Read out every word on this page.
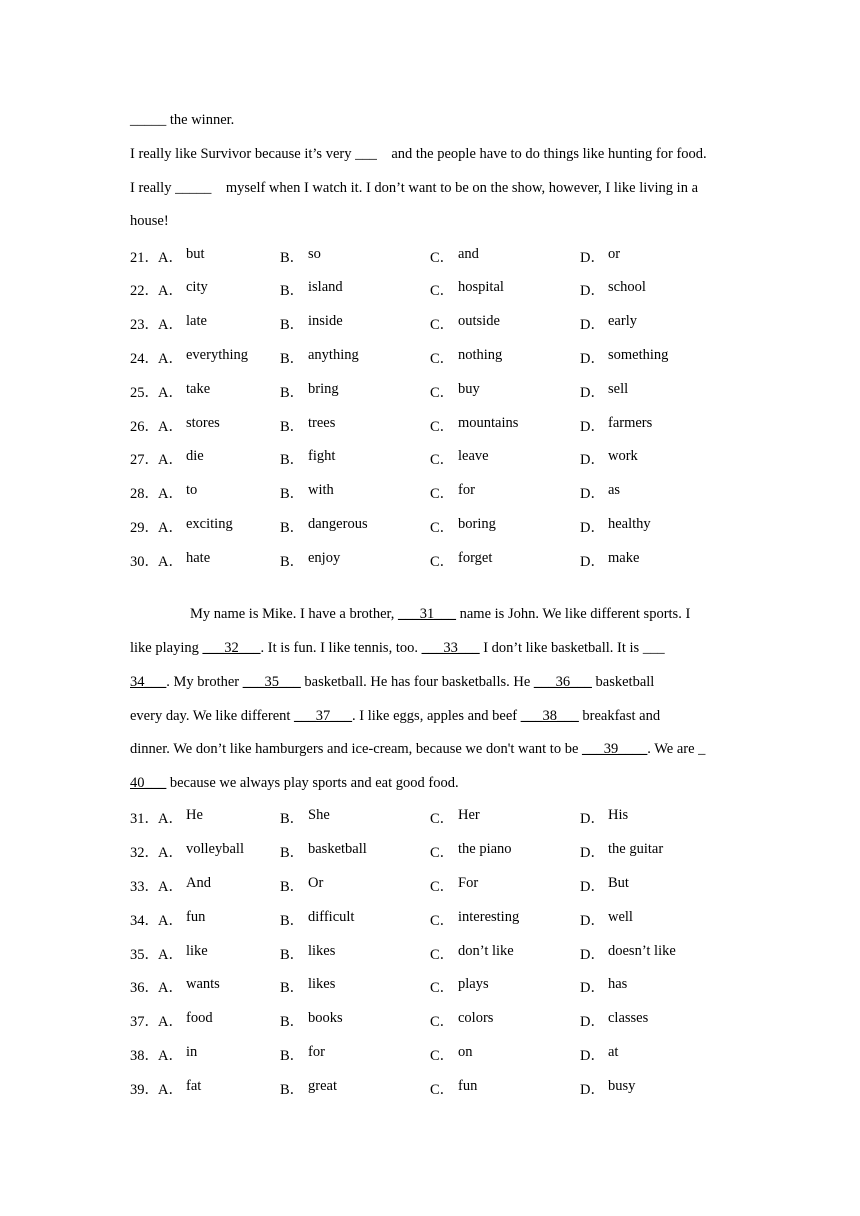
_____ the winner.

I really like Survivor because it’s very ___    and the people have to do things like hunting for food.

I really _____    myself when I watch it. I don’t want to be on the show, however, I like living in a

house!

21． A． but	B． so	C． and	D． or
22． A． city	B． island	C． hospital	D． school
23． A． late	B． inside	C． outside	D． early
24． A． everything B． anything	C． nothing	D． something
25． A． take	B． bring	C． buy	D． sell
26． A． stores	B． trees	C． mountains	D． farmers
27． A． die	B． fight	C． leave	D． work
28． A． to	B． with	C． for	D． as
29． A． exciting	B． dangerous	C． boring	D． healthy
30． A． hate	B． enjoy	C． forget	D． make

My name is Mike. I have a brother, ___31___ name is John. We like different sports. I

like playing ___32___. It is fun. I like tennis, too. ___33___ I don’t like basketball. It is ___

34___. My brother ___35___ basketball. He has four basketballs. He ___36___ basketball

every day. We like different ___37___. I like eggs, apples and beef ___38___ breakfast and

dinner. We don’t like hamburgers and ice-cream, because we don't want to be ___39____. We are _

40___ because we always play sports and eat good food.

31． A． He	B． She	C． Her	D． His
32． A． volleyball B． basketball	C． the piano	D． the guitar
33． A． And	B． Or	C． For	D． But
34． A． fun	B． difficult	C． interesting	D． well
35． A． like	B． likes	C． don’t like	D． doesn’t like
36． A． wants	B． likes	C． plays	D． has
37． A． food	B． books	C． colors	D． classes
38． A． in	B． for	C． on	D． at
39． A． fat	B． great	C． fun	D． busy
